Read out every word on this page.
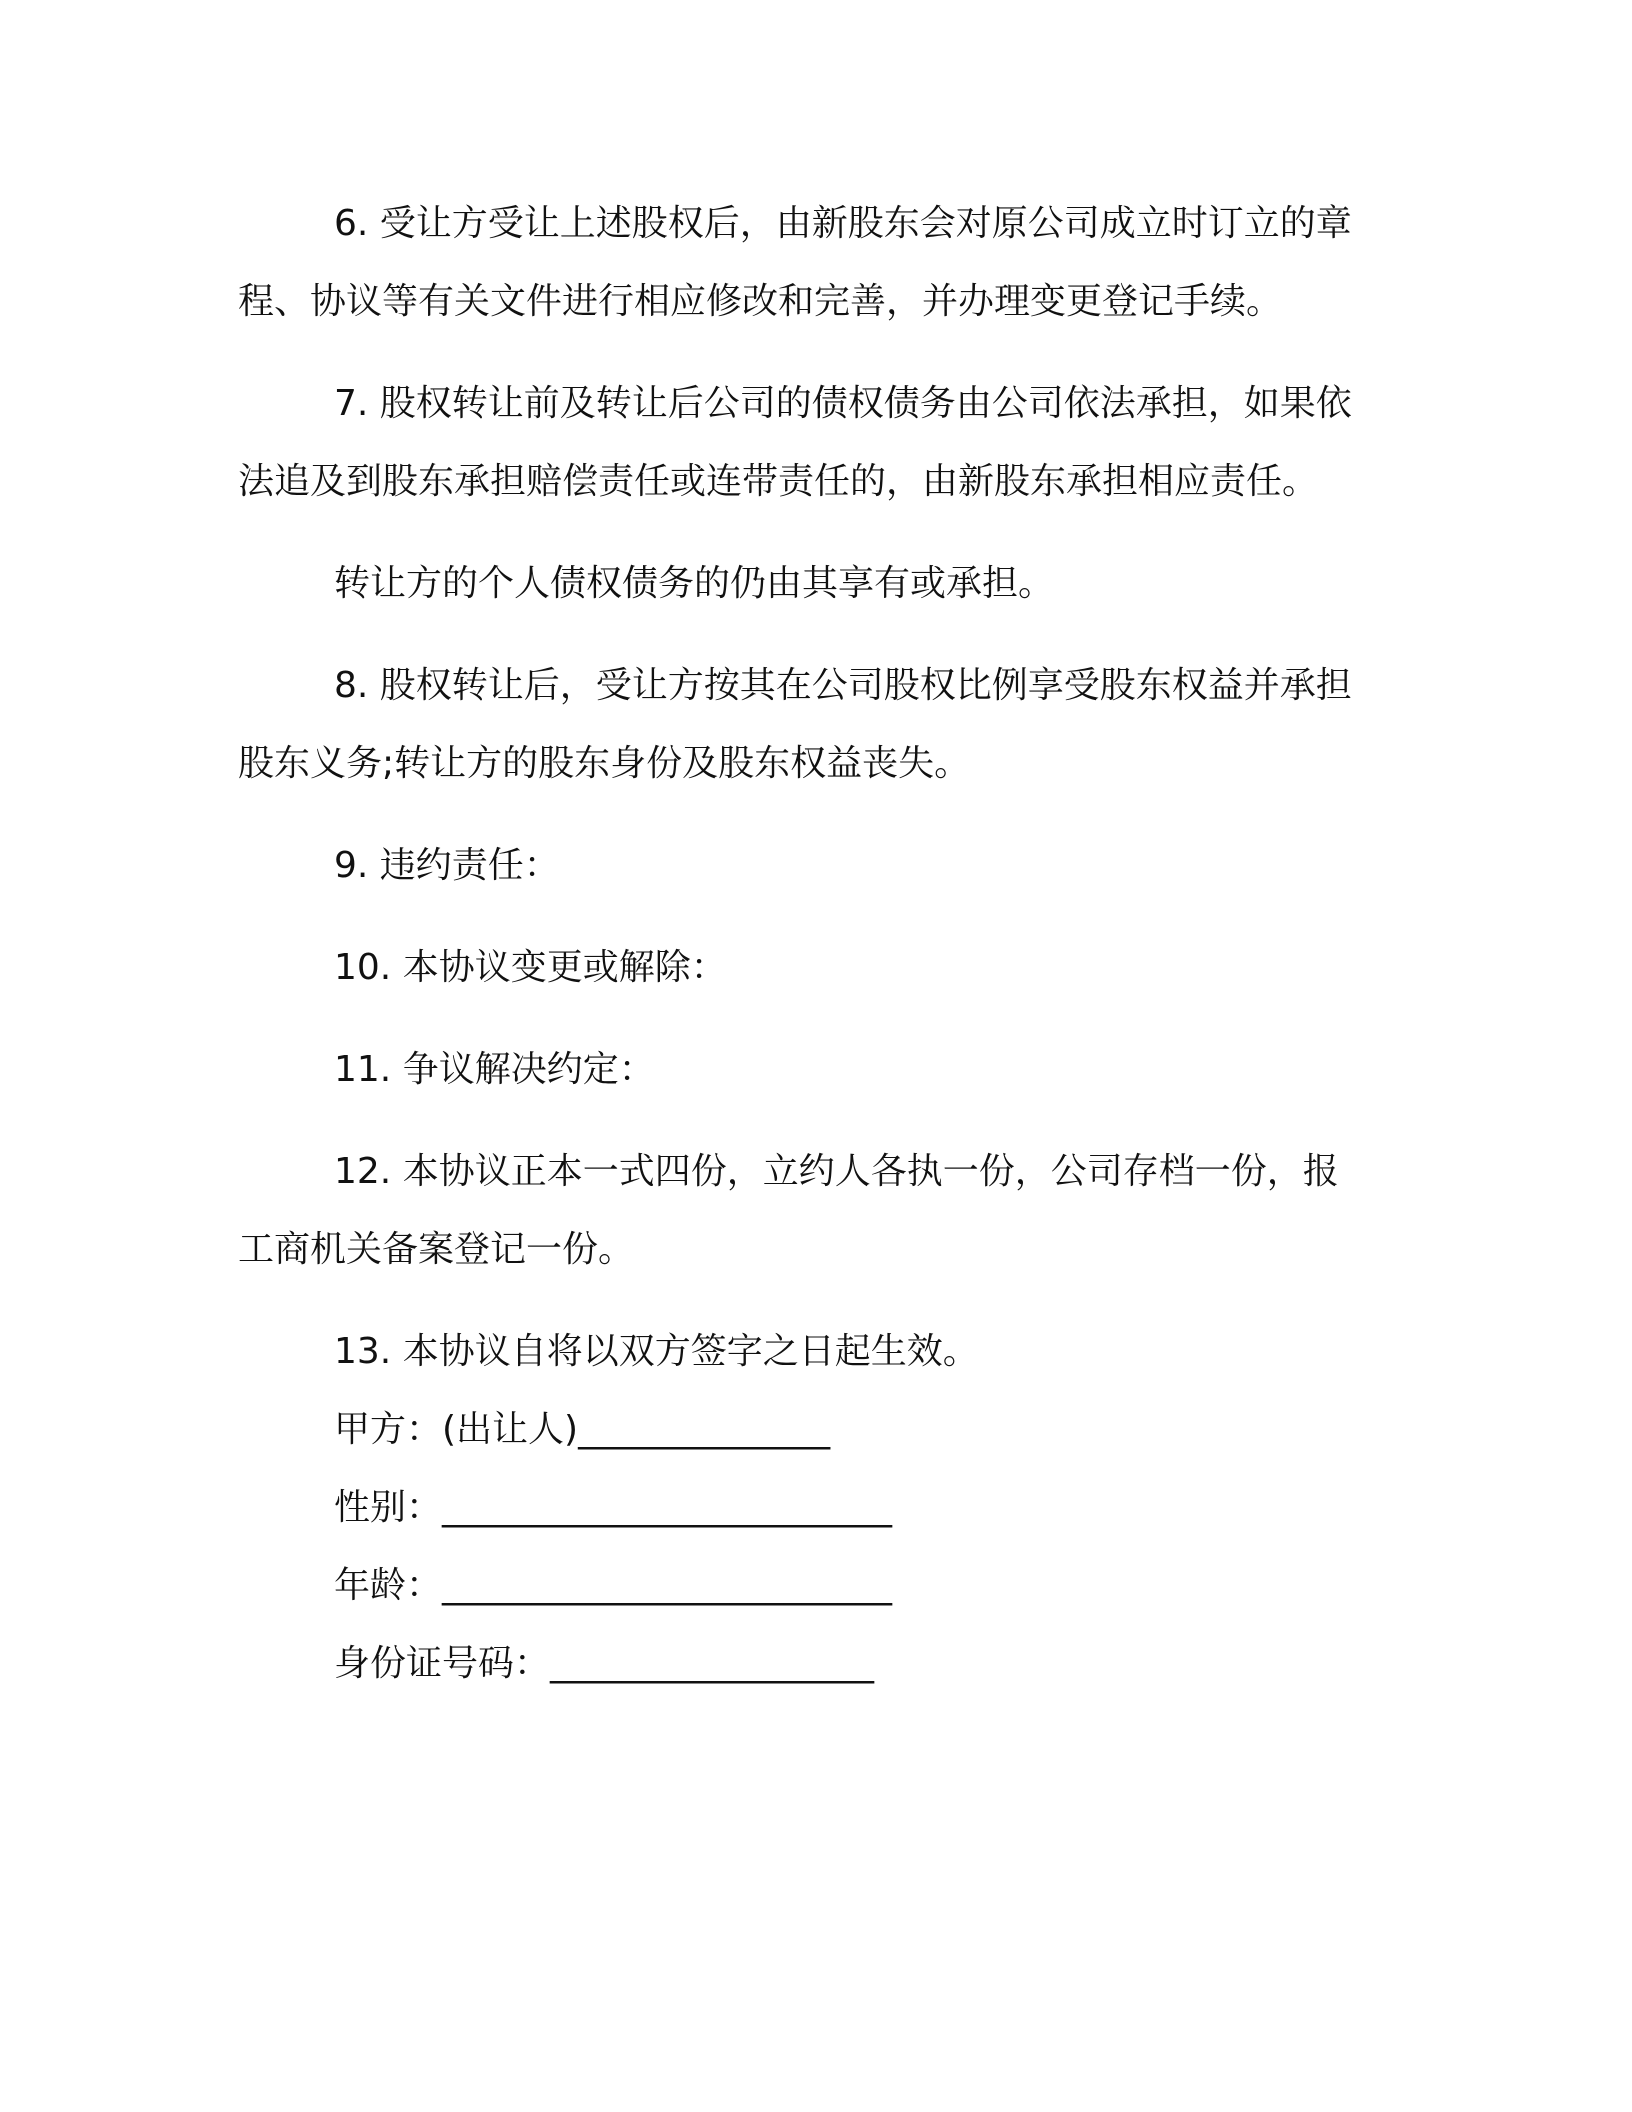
6. 受让方受让上述股权后，由新股东会对原公司成立时订立的章程、协议等有关文件进行相应修改和完善，并办理变更登记手续。

7. 股权转让前及转让后公司的债权债务由公司依法承担，如果依法追及到股东承担赔偿责任或连带责任的，由新股东承担相应责任。

转让方的个人债权债务的仍由其享有或承担。

8. 股权转让后，受让方按其在公司股权比例享受股东权益并承担股东义务;转让方的股东身份及股东权益丧失。

9. 违约责任：

10. 本协议变更或解除：

11. 争议解决约定：

12. 本协议正本一式四份，立约人各执一份，公司存档一份，报工商机关备案登记一份。

13. 本协议自将以双方签字之日起生效。

甲方：(出让人)______________

性别：_________________________

年龄：_________________________

身份证号码：__________________
